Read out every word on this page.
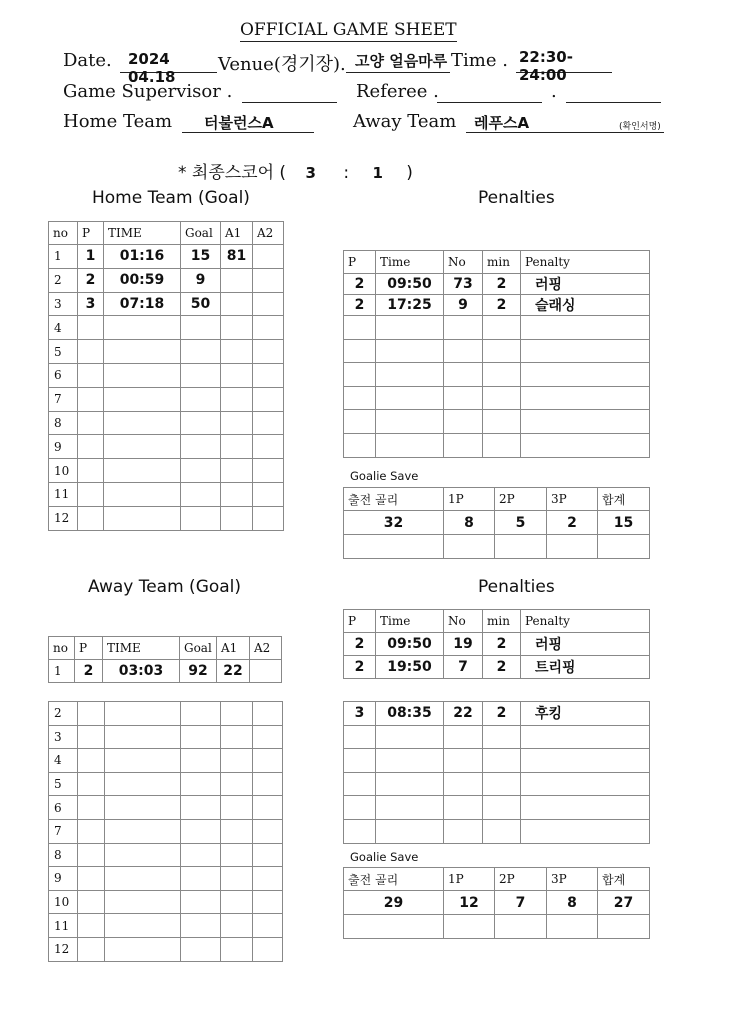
OFFICIAL GAME SHEET
Date. 2024 04.18
Venue(경기장). 고양 얼음마루 Time . 22:30-24:00
Game Supervisor .	Referee .	.
Home Team 터불런스A	Away Team 레푸스A	(확인서명)
* 최종스코어 ( 3 : 1 )
Home Team (Goal)	Penalties
Away Team (Goal)	Penalties
no	P	TIME	Goal	A1	A2
1	1	01:16	15	81	
2	2	00:59	9		
3	3	07:18	50		
4					
5					
6					
7					
8					
9					
10					
11					
12					
P	Time	No	min	Penalty
2	09:50	73	2	러핑
2	17:25	9	2	슬래싱

Goalie Save
출전 골리	1P	2P	3P	합계
32	8	5	2	15

no	P	TIME	Goal	A1	A2
1	2	03:03	92	22	
2					
3					
4					
5					
6					
7					
8					
9					
10					
11					
12					
P	Time	No	min	Penalty
2	09:50	19	2	러핑
2	19:50	7	2	트리핑
3	08:35	22	2	후킹

Goalie Save
출전 골리	1P	2P	3P	합계
29	12	7	8	27
